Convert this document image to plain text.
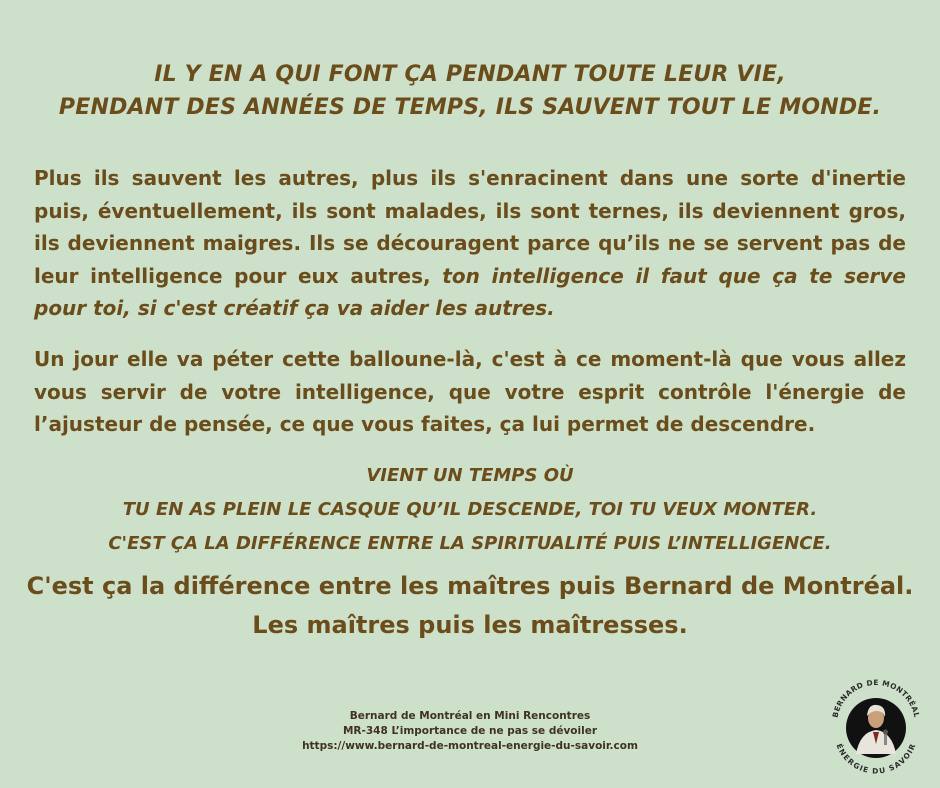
IL Y EN A QUI FONT ÇA PENDANT TOUTE LEUR VIE,
PENDANT DES ANNÉES DE TEMPS, ILS SAUVENT TOUT LE MONDE.
Plus ils sauvent les autres, plus ils s'enracinent dans une sorte d'inertie puis, éventuellement, ils sont malades, ils sont ternes, ils deviennent gros, ils deviennent maigres. Ils se découragent parce qu’ils ne se servent pas de leur intelligence pour eux autres, ton intelligence il faut que ça te serve pour toi, si c'est créatif ça va aider les autres.
Un jour elle va péter cette balloune-là, c'est à ce moment-là que vous allez vous servir de votre intelligence, que votre esprit contrôle l'énergie de l’ajusteur de pensée, ce que vous faites, ça lui permet de descendre.
VIENT UN TEMPS OÙ
TU EN AS PLEIN LE CASQUE QU’IL DESCENDE, TOI TU VEUX MONTER.
C'EST ÇA LA DIFFÉRENCE ENTRE LA SPIRITUALITÉ PUIS L’INTELLIGENCE.
C'est ça la différence entre les maîtres puis Bernard de Montréal.
Les maîtres puis les maîtresses.
Bernard de Montréal en Mini Rencontres
MR-348 L’importance de ne pas se dévoiler
https://www.bernard-de-montreal-energie-du-savoir.com
BERNARD DE MONTRÉAL
ÉNERGIE DU SAVOIR
